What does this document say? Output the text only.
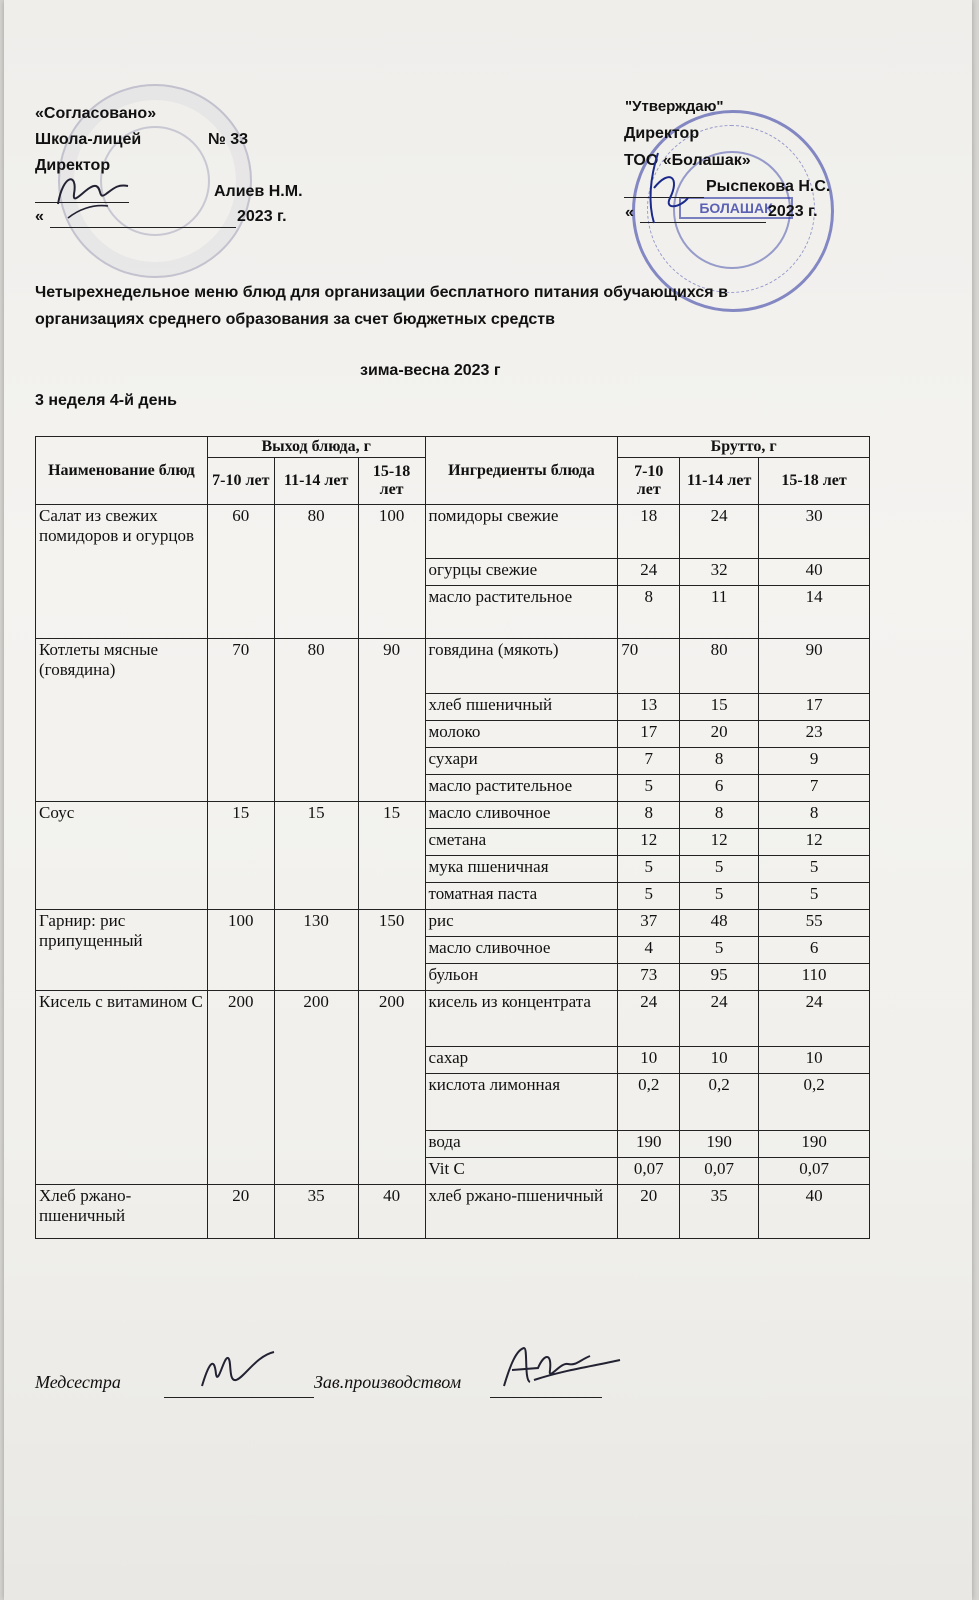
БОЛАШАК
«Согласовано»
Школа-лицей	№ 33
Директор
Алиев Н.М.
«	2023 г.
"Утверждаю"
Директор
ТОО «Болашак»
Рыспекова Н.С.
«	2023 г.
Четырехнедельное меню блюд для организации бесплатного питания обучающихся в
организациях среднего образования за счет бюджетных средств
зима-весна 2023 г
3 неделя 4-й день
Наименование блюд	Выход блюда, г			Ингредиенты блюда	Брутто, г		
	7-10 лет	11-14 лет	15-18 лет		7-10 лет	11-14 лет	15-18 лет
Салат из свежих помидоров и огурцов	60	80	100	помидоры свежие	18	24	30
				огурцы свежие	24	32	40
				масло растительное	8	11	14
Котлеты мясные (говядина)	70	80	90	говядина (мякоть)	70	80	90
				хлеб пшеничный	13	15	17
				молоко	17	20	23
				сухари	7	8	9
				масло растительное	5	6	7
Соус	15	15	15	масло сливочное	8	8	8
				сметана	12	12	12
				мука пшеничная	5	5	5
				томатная паста	5	5	5
Гарнир: рис припущенный	100	130	150	рис	37	48	55
				масло сливочное	4	5	6
				бульон	73	95	110
Кисель с витамином С	200	200	200	кисель из концентрата	24	24	24
				сахар	10	10	10
				кислота лимонная	0,2	0,2	0,2
				вода	190	190	190
				Vit C	0,07	0,07	0,07
Хлеб ржано-пшеничный	20	35	40	хлеб ржано-пшеничный	20	35	40
Медсестра	Зав.производством
